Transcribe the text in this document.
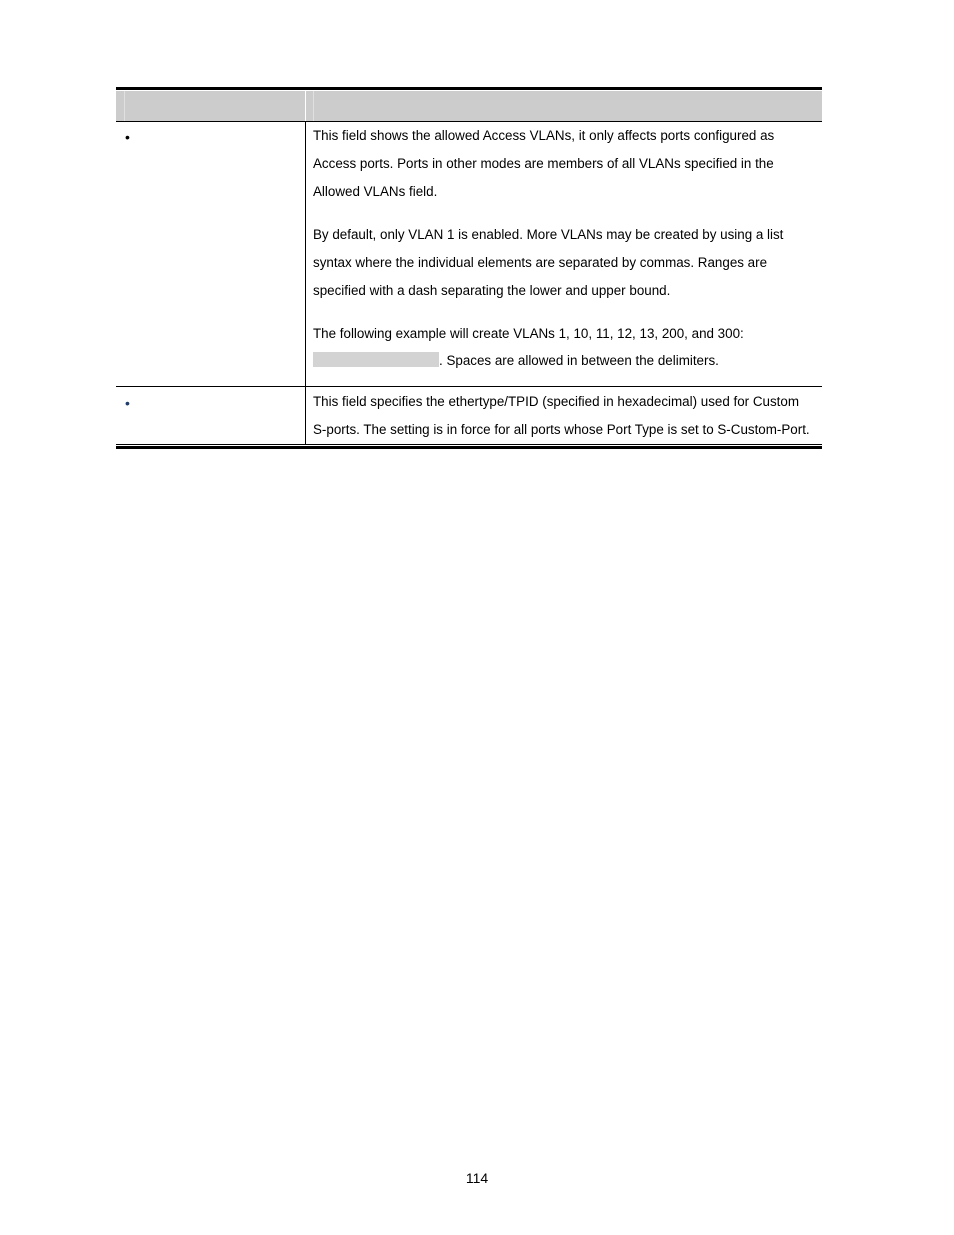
•	This field shows the allowed Access VLANs, it only affects ports configured as Access ports. Ports in other modes are members of all VLANs specified in the Allowed VLANs field.

By default, only VLAN 1 is enabled. More VLANs may be created by using a list syntax where the individual elements are separated by commas. Ranges are specified with a dash separating the lower and upper bound.

The following example will create VLANs 1, 10, 11, 12, 13, 200, and 300:

. Spaces are allowed in between the delimiters.

•	This field specifies the ethertype/TPID (specified in hexadecimal) used for Custom S-ports. The setting is in force for all ports whose Port Type is set to S-Custom-Port.

114
